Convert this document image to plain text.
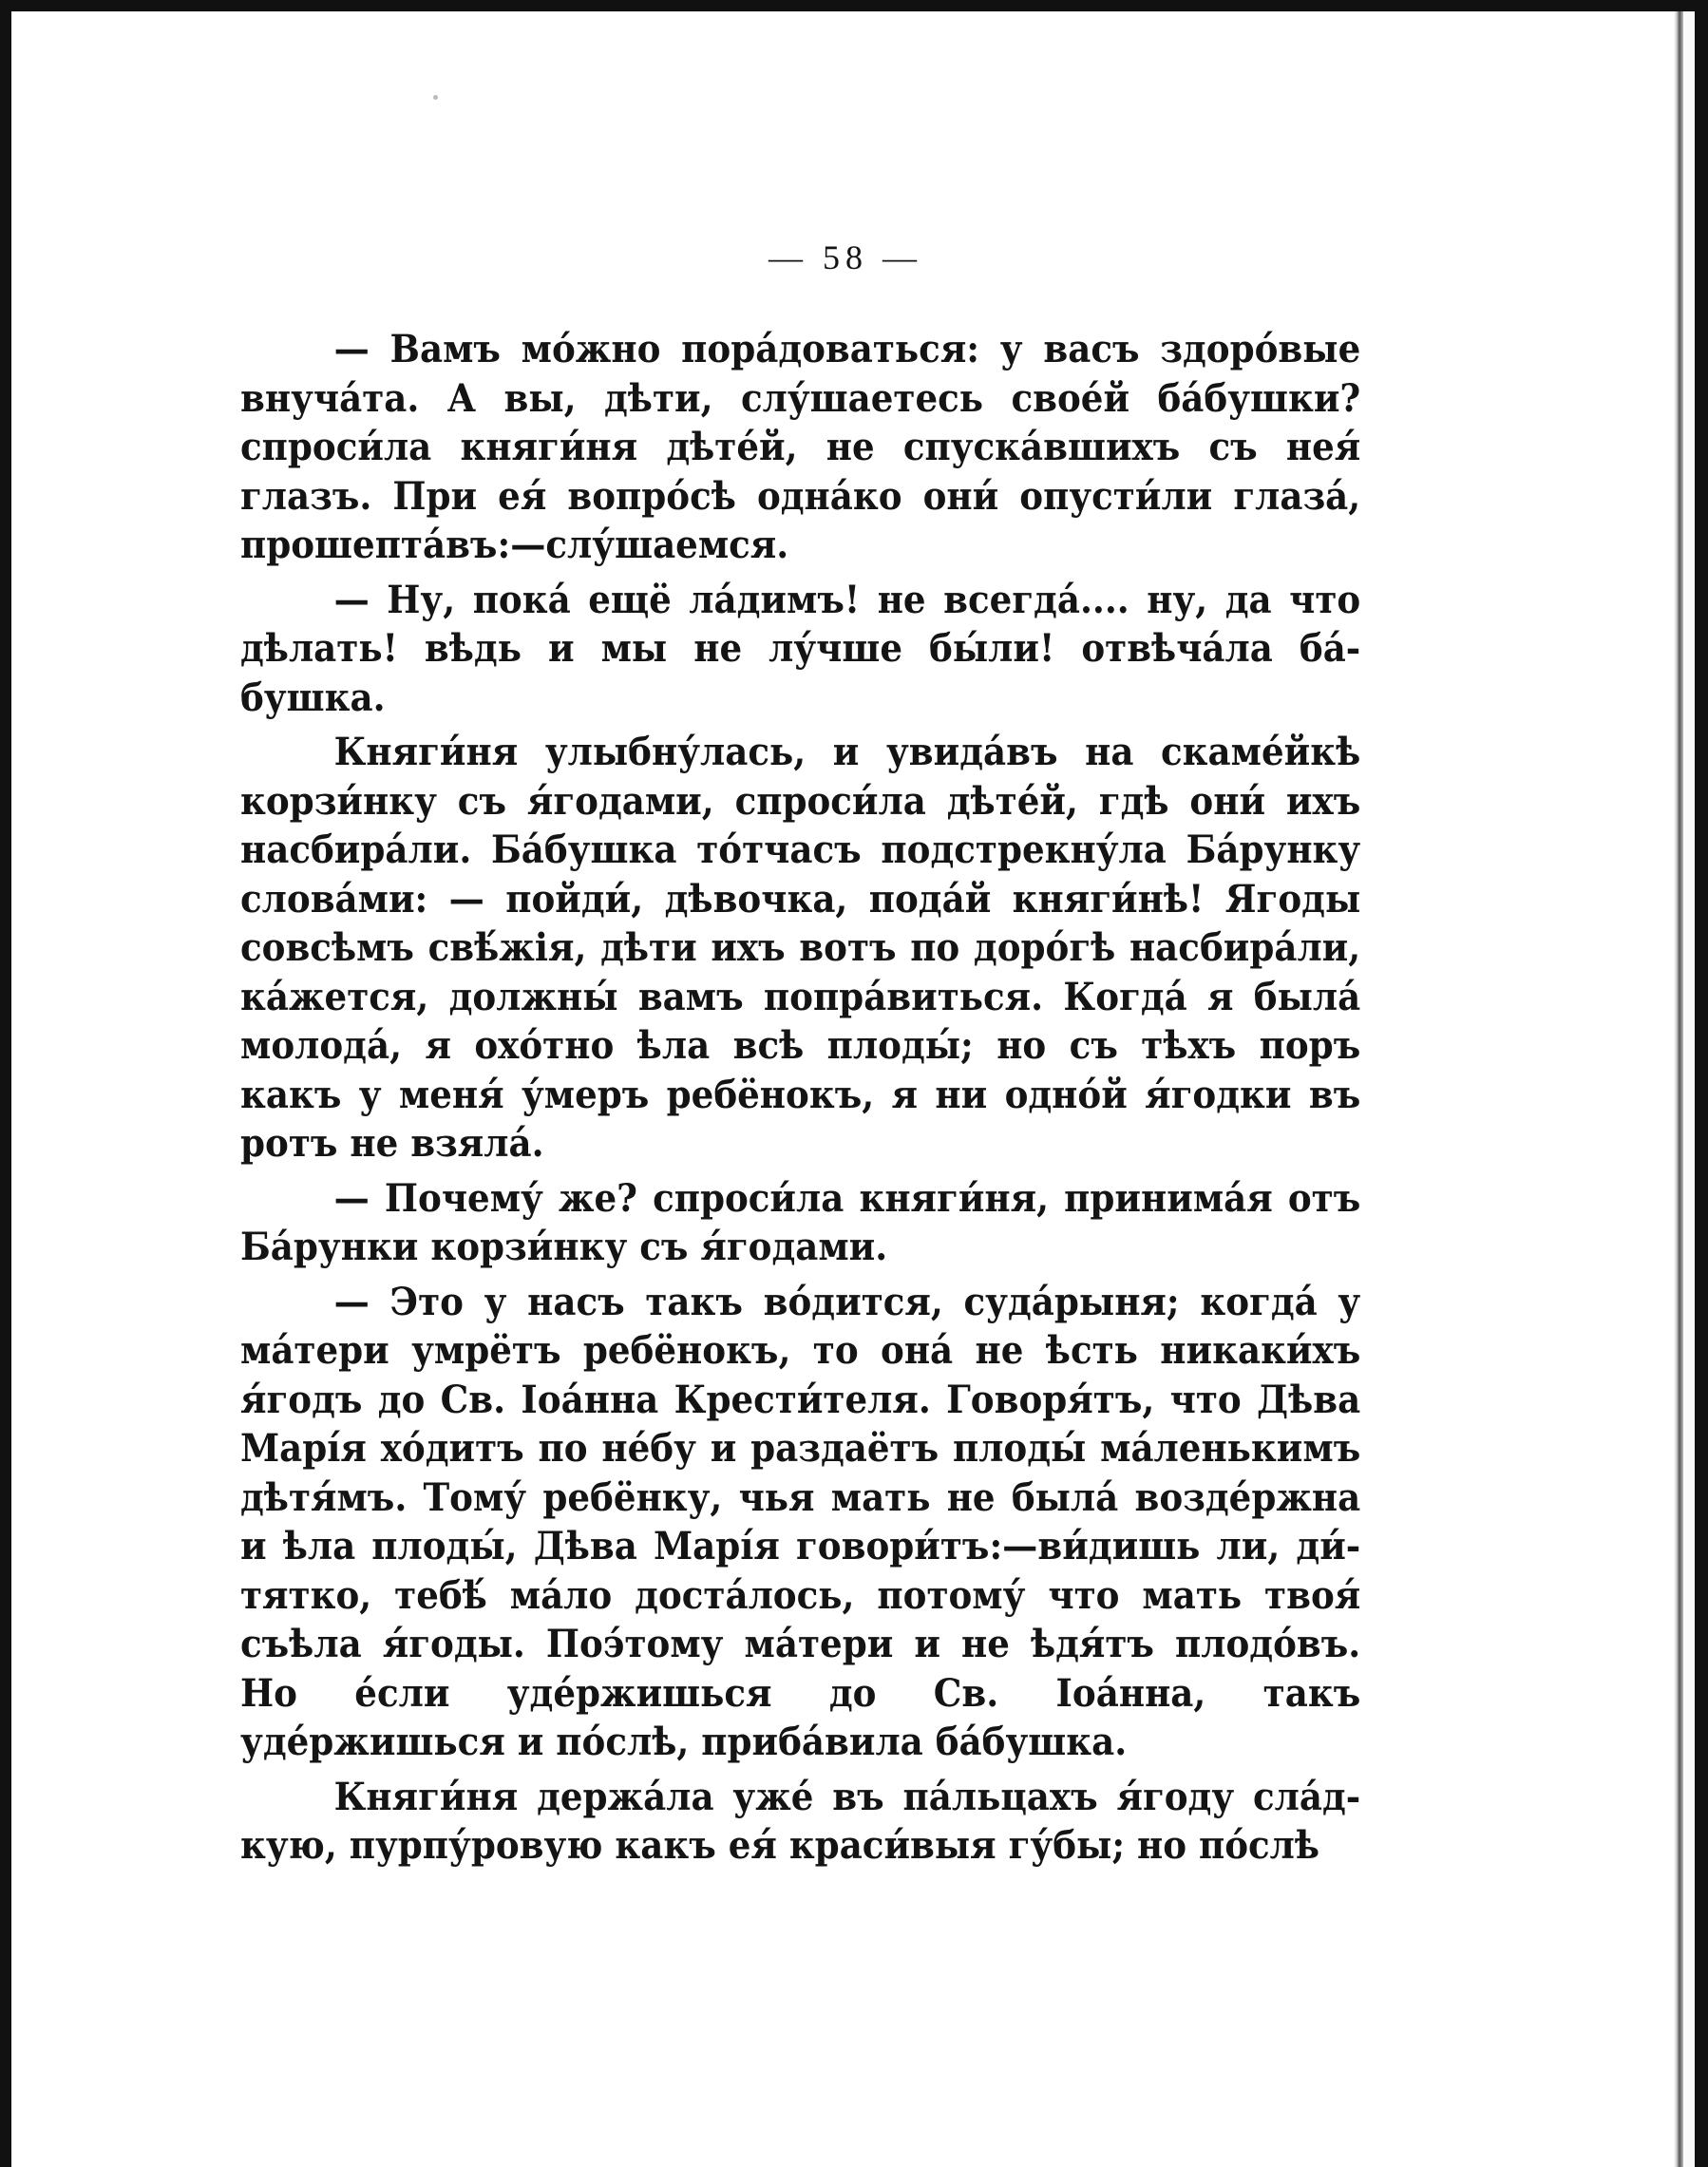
— 58 —

— Вамъ мо́жно пора́доваться: у васъ здоро́вые внуча́та. А вы, дѣти, слу́шаетесь свое́й ба́бушки? спроси́ла княги́ня дѣте́й, не спуска́вшихъ съ нея́ глазъ. При ея́ вопро́сѣ одна́ко они́ опусти́ли глаза́, прошепта́въ:—слу́шаемся.

— Ну, пока́ ещё ла́димъ! не всегда́.... ну, да что дѣлать! вѣдь и мы не лу́чше бы́ли! отвѣча́ла ба́бушка.

Княги́ня улыбну́лась, и увида́въ на скаме́йкѣ корзи́нку съ я́годами, спроси́ла дѣте́й, гдѣ они́ ихъ насбира́ли. Ба́бушка то́тчасъ подстрекну́ла Ба́рунку слова́ми: — пойди́, дѣвочка, пода́й княги́нѣ! Ягоды совсѣмъ свѣ́жія, дѣти ихъ вотъ по доро́гѣ насбира́ли, ка́жется, должны́ вамъ попра́виться. Когда́ я была́ молода́, я охо́тно ѣла всѣ плоды́; но съ тѣхъ поръ какъ у меня́ у́меръ ребёнокъ, я ни одно́й я́годки въ ротъ не взяла́.

— Почему́ же? спроси́ла княги́ня, принима́я отъ Ба́рунки корзи́нку съ я́годами.

— Это у насъ такъ во́дится, суда́рыня; когда́ у ма́тери умрётъ ребёнокъ, то она́ не ѣсть никаки́хъ я́годъ до Св. Іоа́нна Крести́теля. Говоря́тъ, что Дѣва Марі́я хо́дитъ по не́бу и раздаётъ плоды́ ма́ленькимъ дѣтя́мъ. Тому́ ребёнку, чья мать не была́ возде́ржна и ѣла плоды́, Дѣва Марі́я говори́тъ:—ви́дишь ли, ди́тятко, тебѣ́ ма́ло доста́лось, потому́ что мать твоя́ съѣла я́годы. Поэ́тому ма́тери и не ѣдя́тъ плодо́въ. Но е́сли уде́ржишься до Св. Іоа́нна, такъ уде́ржишься и по́слѣ, приба́вила ба́бушка.

Княги́ня держа́ла уже́ въ па́льцахъ я́году сла́дкую, пурпу́ровую какъ ея́ краси́выя гу́бы; но по́слѣ
